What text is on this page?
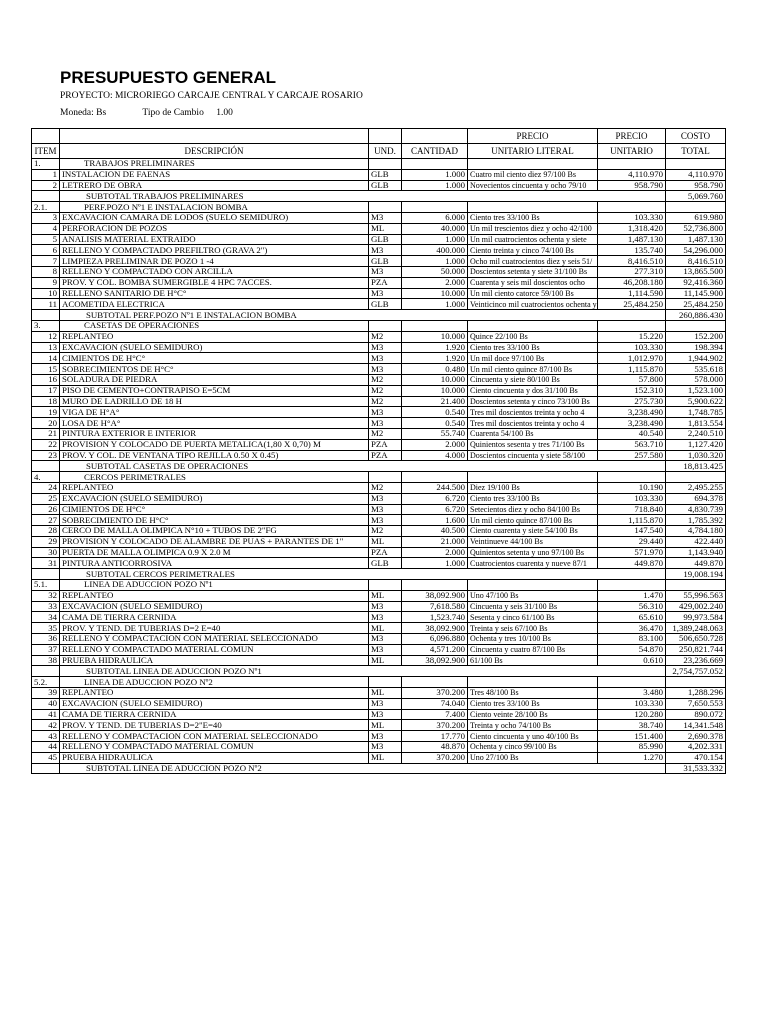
PRESUPUESTO GENERAL
PROYECTO: MICRORIEGO CARCAJE CENTRAL Y CARCAJE ROSARIO
Moneda: Bs	Tipo de Cambio 1.00
				PRECIO	PRECIO	COSTO
ITEM	DESCRIPCIÓN	UND.	CANTIDAD	UNITARIO LITERAL	UNITARIO	TOTAL
1.	TRABAJOS PRELIMINARES					
1	INSTALACION DE FAENAS	GLB	1.000	Cuatro mil ciento diez 97/100 Bs	4,110.970	4,110.970
2	LETRERO DE OBRA	GLB	1.000	Novecientos cincuenta y ocho 79/10	958.790	958.790
	SUBTOTAL TRABAJOS PRELIMINARES					5,069.760
2.1.	PERF.POZO Nº1 E INSTALACION BOMBA					
3	EXCAVACION CAMARA DE LODOS (SUELO SEMIDURO)	M3	6.000	Ciento tres 33/100 Bs	103.330	619.980
4	PERFORACION DE POZOS	ML	40.000	Un mil trescientos diez y ocho 42/100	1,318.420	52,736.800
5	ANALISIS MATERIAL EXTRAIDO	GLB	1.000	Un mil cuatrocientos ochenta y siete	1,487.130	1,487.130
6	RELLENO Y COMPACTADO PREFILTRO (GRAVA 2")	M3	400.000	Ciento treinta y cinco 74/100 Bs	135.740	54,296.000
7	LIMPIEZA PRELIMINAR DE POZO 1 -4	GLB	1.000	Ocho mil cuatrocientos diez y seis 51/	8,416.510	8,416.510
8	RELLENO Y COMPACTADO CON ARCILLA	M3	50.000	Doscientos setenta y siete 31/100 Bs	277.310	13,865.500
9	PROV. Y COL. BOMBA SUMERGIBLE 4 HPC 7ACCES.	PZA	2.000	Cuarenta y seis mil doscientos ocho	46,208.180	92,416.360
10	RELLENO SANITARIO DE H°C°	M3	10.000	Un mil ciento catorce 59/100 Bs	1,114.590	11,145.900
11	ACOMETIDA ELECTRICA	GLB	1.000	Veinticinco mil cuatrocientos ochenta y	25,484.250	25,484.250
	SUBTOTAL PERF.POZO Nº1 E INSTALACION BOMBA					260,886.430
3.	CASETAS DE OPERACIONES					
12	REPLANTEO	M2	10.000	Quince 22/100 Bs	15.220	152.200
13	EXCAVACION (SUELO SEMIDURO)	M3	1.920	Ciento tres 33/100 Bs	103.330	198.394
14	CIMIENTOS DE H°C°	M3	1.920	Un mil doce 97/100 Bs	1,012.970	1,944.902
15	SOBRECIMIENTOS DE H°C°	M3	0.480	Un mil ciento quince 87/100 Bs	1,115.870	535.618
16	SOLADURA DE PIEDRA	M2	10.000	Cincuenta y siete 80/100 Bs	57.800	578.000
17	PISO DE CEMENTO+CONTRAPISO E=5CM	M2	10.000	Ciento cincuenta y dos 31/100 Bs	152.310	1,523.100
18	MURO DE LADRILLO DE 18 H	M2	21.400	Doscientos setenta y cinco 73/100 Bs	275.730	5,900.622
19	VIGA DE H°A°	M3	0.540	Tres mil doscientos treinta y ocho 4	3,238.490	1,748.785
20	LOSA DE H°A°	M3	0.540	Tres mil doscientos treinta y ocho 4	3,238.490	1,813.554
21	PINTURA EXTERIOR E INTERIOR	M2	55.740	Cuarenta 54/100 Bs	40.540	2,240.510
22	PROVISION Y COLOCADO DE PUERTA METALICA(1,80 X 0,70) M	PZA	2.000	Quinientos sesenta y tres 71/100 Bs	563.710	1,127.420
23	PROV. Y COL. DE VENTANA TIPO REJILLA 0.50 X 0.45)	PZA	4.000	Doscientos cincuenta y siete 58/100	257.580	1,030.320
	SUBTOTAL CASETAS DE OPERACIONES					18,813.425
4.	CERCOS PERIMETRALES					
24	REPLANTEO	M2	244.500	Diez 19/100 Bs	10.190	2,495.255
25	EXCAVACION (SUELO SEMIDURO)	M3	6.720	Ciento tres 33/100 Bs	103.330	694.378
26	CIMIENTOS DE H°C°	M3	6.720	Setecientos diez y ocho 84/100 Bs	718.840	4,830.739
27	SOBRECIMIENTO DE H°C°	M3	1.600	Un mil ciento quince 87/100 Bs	1,115.870	1,785.392
28	CERCO DE MALLA OLIMPICA N°10 + TUBOS DE 2"FG	M2	40.500	Ciento cuarenta y siete 54/100 Bs	147.540	4,784.180
29	PROVISION Y COLOCADO DE ALAMBRE DE PUAS + PARANTES DE 1"	ML	21.000	Veintinueve 44/100 Bs	29.440	422.440
30	PUERTA DE MALLA OLIMPICA 0.9 X 2.0 M	PZA	2.000	Quinientos setenta y uno 97/100 Bs	571.970	1,143.940
31	PINTURA ANTICORROSIVA	GLB	1.000	Cuatrocientos cuarenta y nueve 87/1	449.870	449.870
	SUBTOTAL CERCOS PERIMETRALES					19,008.194
5.1.	LINEA DE ADUCCION POZO Nº1					
32	REPLANTEO	ML	38,092.900	Uno 47/100 Bs	1.470	55,996.563
33	EXCAVACION (SUELO SEMIDURO)	M3	7,618.580	Cincuenta y seis 31/100 Bs	56.310	429,002.240
34	CAMA DE TIERRA CERNIDA	M3	1,523.740	Sesenta y cinco 61/100 Bs	65.610	99,973.584
35	PROV. Y TEND. DE TUBERIAS D=2 E=40	ML	38,092.900	Treinta y seis 67/100 Bs	36.470	1,389,248.063
36	RELLENO Y COMPACTACION CON MATERIAL SELECCIONADO	M3	6,096.880	Ochenta y tres 10/100 Bs	83.100	506,650.728
37	RELLENO Y COMPACTADO MATERIAL COMUN	M3	4,571.200	Cincuenta y cuatro 87/100 Bs	54.870	250,821.744
38	PRUEBA HIDRAULICA	ML	38,092.900	61/100 Bs	0.610	23,236.669
	SUBTOTAL LINEA DE ADUCCION POZO Nº1					2,754,757.052
5.2.	LINEA DE ADUCCION POZO Nº2					
39	REPLANTEO	ML	370.200	Tres 48/100 Bs	3.480	1,288.296
40	EXCAVACION (SUELO SEMIDURO)	M3	74.040	Ciento tres 33/100 Bs	103.330	7,650.553
41	CAMA DE TIERRA CERNIDA	M3	7.400	Ciento veinte 28/100 Bs	120.280	890.072
42	PROV. Y TEND. DE TUBERIAS D=2"E=40	ML	370.200	Treinta y ocho 74/100 Bs	38.740	14,341.548
43	RELLENO Y COMPACTACION CON MATERIAL SELECCIONADO	M3	17.770	Ciento cincuenta y uno 40/100 Bs	151.400	2,690.378
44	RELLENO Y COMPACTADO MATERIAL COMUN	M3	48.870	Ochenta y cinco 99/100 Bs	85.990	4,202.331
45	PRUEBA HIDRAULICA	ML	370.200	Uno 27/100 Bs	1.270	470.154
	SUBTOTAL LINEA DE ADUCCION POZO Nº2					31,533.332
